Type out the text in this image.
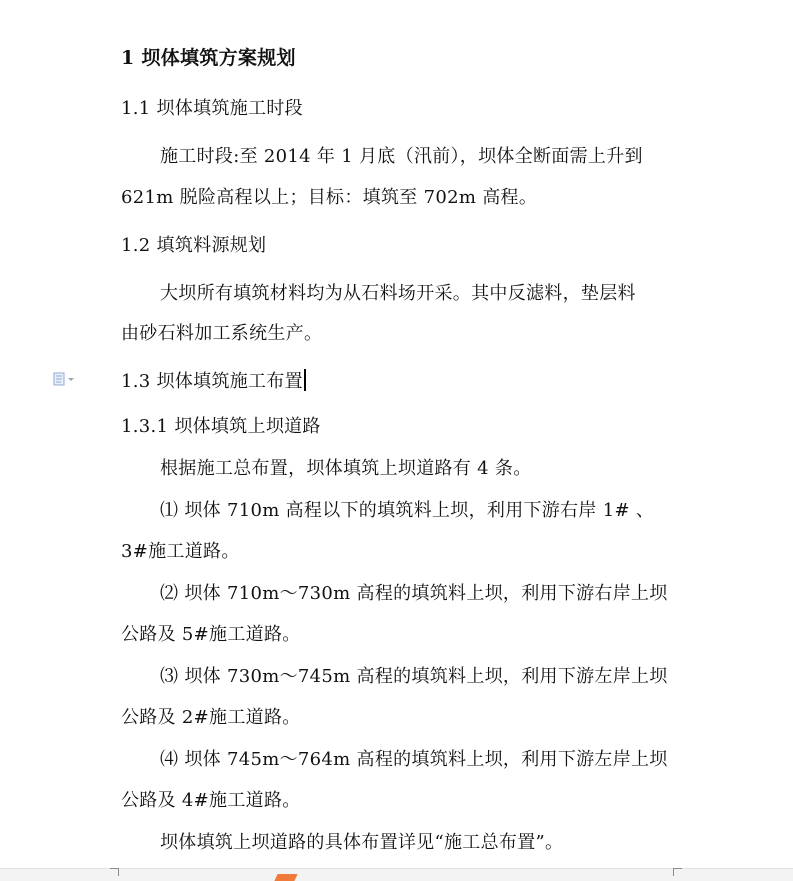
1 坝体填筑方案规划
1.1 坝体填筑施工时段
施工时段:至 2014 年 1 月底（汛前），坝体全断面需上升到
621m 脱险高程以上；目标：填筑至 702m 高程。
1.2 填筑料源规划
大坝所有填筑材料均为从石料场开采。其中反滤料，垫层料
由砂石料加工系统生产。
1.3 坝体填筑施工布置
1.3.1 坝体填筑上坝道路
根据施工总布置，坝体填筑上坝道路有 4 条。
⑴ 坝体 710m 高程以下的填筑料上坝，利用下游右岸 1# 、
3#施工道路。
⑵ 坝体 710m～730m 高程的填筑料上坝，利用下游右岸上坝
公路及 5#施工道路。
⑶ 坝体 730m～745m 高程的填筑料上坝，利用下游左岸上坝
公路及 2#施工道路。
⑷ 坝体 745m～764m 高程的填筑料上坝，利用下游左岸上坝
公路及 4#施工道路。
坝体填筑上坝道路的具体布置详见“施工总布置”。
